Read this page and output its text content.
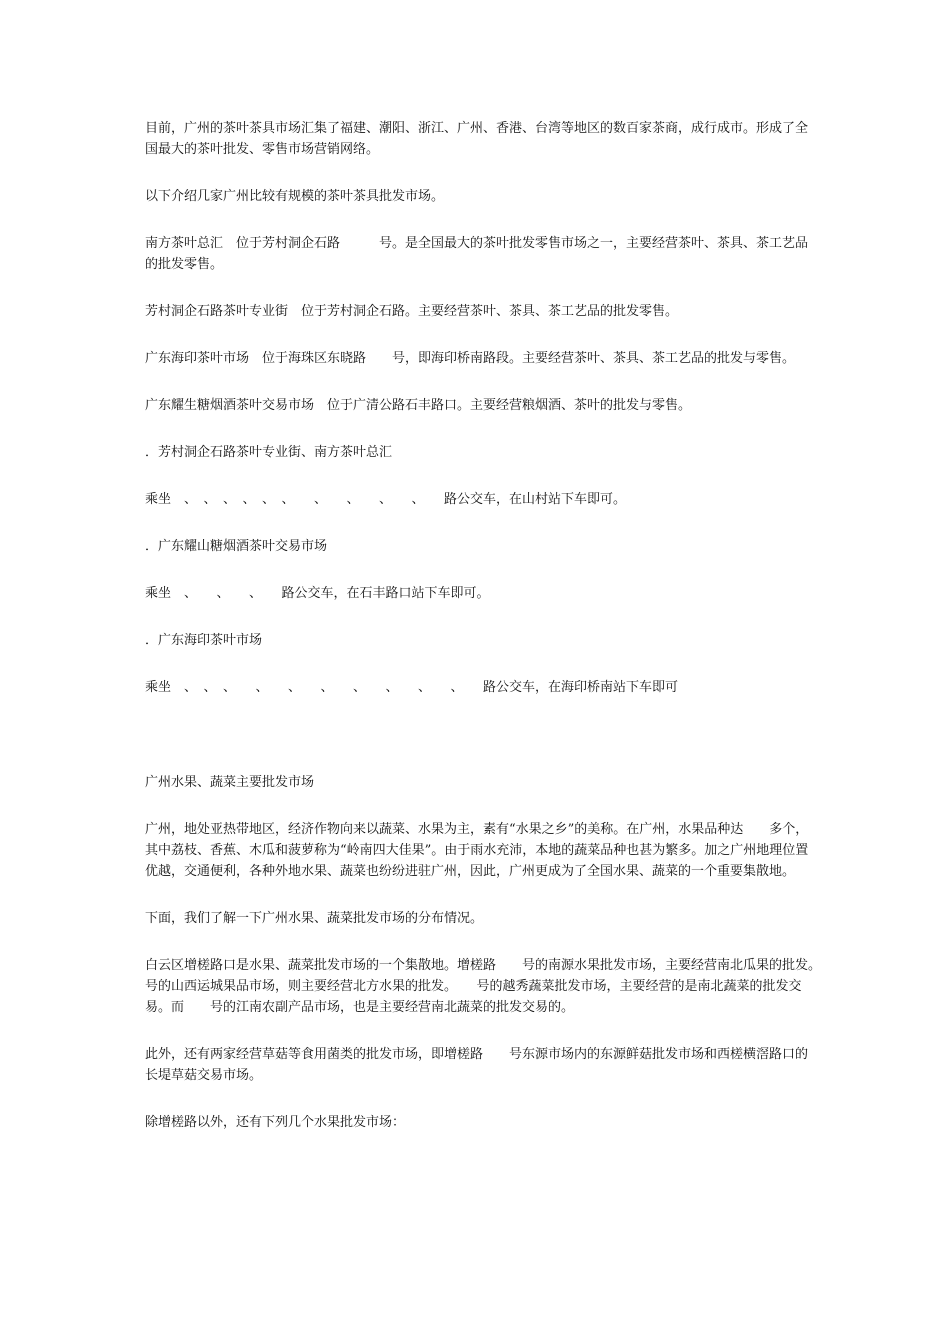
目前，广州的茶叶茶具市场汇集了福建、潮阳、浙江、广州、香港、台湾等地区的数百家茶商，成行成市。形成了全国最大的茶叶批发、零售市场营销网络。

以下介绍几家广州比较有规模的茶叶茶具批发市场。

南方茶叶总汇　位于芳村洞企石路　　　号。是全国最大的茶叶批发零售市场之一，主要经营茶叶、茶具、茶工艺品的批发零售。

芳村洞企石路茶叶专业街　位于芳村洞企石路。主要经营茶叶、茶具、茶工艺品的批发零售。

广东海印茶叶市场　位于海珠区东晓路　　号，即海印桥南路段。主要经营茶叶、茶具、茶工艺品的批发与零售。

广东耀生糖烟酒茶叶交易市场　位于广清公路石丰路口。主要经营粮烟酒、茶叶的批发与零售。

．芳村洞企石路茶叶专业街、南方茶叶总汇

乘坐　、　、　、　、　、　、　　、　　、　　、　　、　　路公交车，在山村站下车即可。

．广东耀山糖烟酒茶叶交易市场

乘坐　、　　、　　、　　路公交车，在石丰路口站下车即可。

．广东海印茶叶市场

乘坐　、　、　、　　、　　、　　、　　、　　、　　、　　、　　路公交车，在海印桥南站下车即可

广州水果、蔬菜主要批发市场

广州，地处亚热带地区，经济作物向来以蔬菜、水果为主，素有“水果之乡”的美称。在广州，水果品种达　　多个，其中荔枝、香蕉、木瓜和菠萝称为“岭南四大佳果”。由于雨水充沛，本地的蔬菜品种也甚为繁多。加之广州地理位置优越，交通便利，各种外地水果、蔬菜也纷纷进驻广州，因此，广州更成为了全国水果、蔬菜的一个重要集散地。

下面，我们了解一下广州水果、蔬菜批发市场的分布情况。

白云区增槎路口是水果、蔬菜批发市场的一个集散地。增槎路　　号的南源水果批发市场，主要经营南北瓜果的批发。　　号的山西运城果品市场，则主要经营北方水果的批发。　　号的越秀蔬菜批发市场，主要经营的是南北蔬菜的批发交易。而　　号的江南农副产品市场，也是主要经营南北蔬菜的批发交易的。

此外，还有两家经营草菇等食用菌类的批发市场，即增槎路　　号东源市场内的东源鲜菇批发市场和西槎横滘路口的长堤草菇交易市场。

除增槎路以外，还有下列几个水果批发市场：
